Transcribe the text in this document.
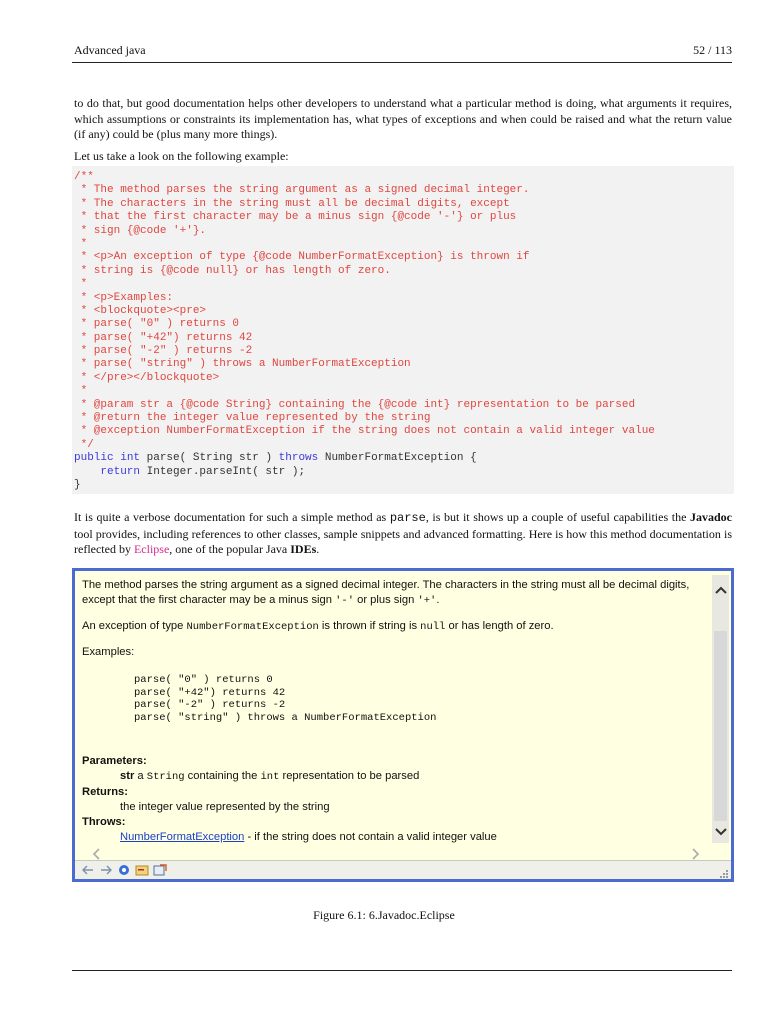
Advanced java	52 / 113

to do that, but good documentation helps other developers to understand what a particular method is doing, what arguments it requires, which assumptions or constraints its implementation has, what types of exceptions and when could be raised and what the return value (if any) could be (plus many more things).

Let us take a look on the following example:

/**
* The method parses the string argument as a signed decimal integer.
* The characters in the string must all be decimal digits, except
* that the first character may be a minus sign {@code '-'} or plus
* sign {@code '+'}.
*
* <p>An exception of type {@code NumberFormatException} is thrown if
* string is {@code null} or has length of zero.
*
* <p>Examples:
* <blockquote><pre>
* parse( "0" ) returns 0
* parse( "+42") returns 42
* parse( "-2" ) returns -2
* parse( "string" ) throws a NumberFormatException
* </pre></blockquote>
*
* @param str a {@code String} containing the {@code int} representation to be parsed
* @return the integer value represented by the string
* @exception NumberFormatException if the string does not contain a valid integer value
*/
public int parse( String str ) throws NumberFormatException {
return Integer.parseInt( str );
}

It is quite a verbose documentation for such a simple method as parse, is but it shows up a couple of useful capabilities the Javadoc tool provides, including references to other classes, sample snippets and advanced formatting. Here is how this method documentation is reflected by Eclipse, one of the popular Java IDEs.

The method parses the string argument as a signed decimal integer. The characters in the string must all be decimal digits, except that the first character may be a minus sign '-' or plus sign '+'.

An exception of type NumberFormatException is thrown if string is null or has length of zero.

Examples:

parse( "0" ) returns 0
parse( "+42") returns 42
parse( "-2" ) returns -2
parse( "string" ) throws a NumberFormatException

Parameters:

str a String containing the int representation to be parsed

Returns:

the integer value represented by the string

Throws:

NumberFormatException - if the string does not contain a valid integer value

Figure 6.1: 6.Javadoc.Eclipse
